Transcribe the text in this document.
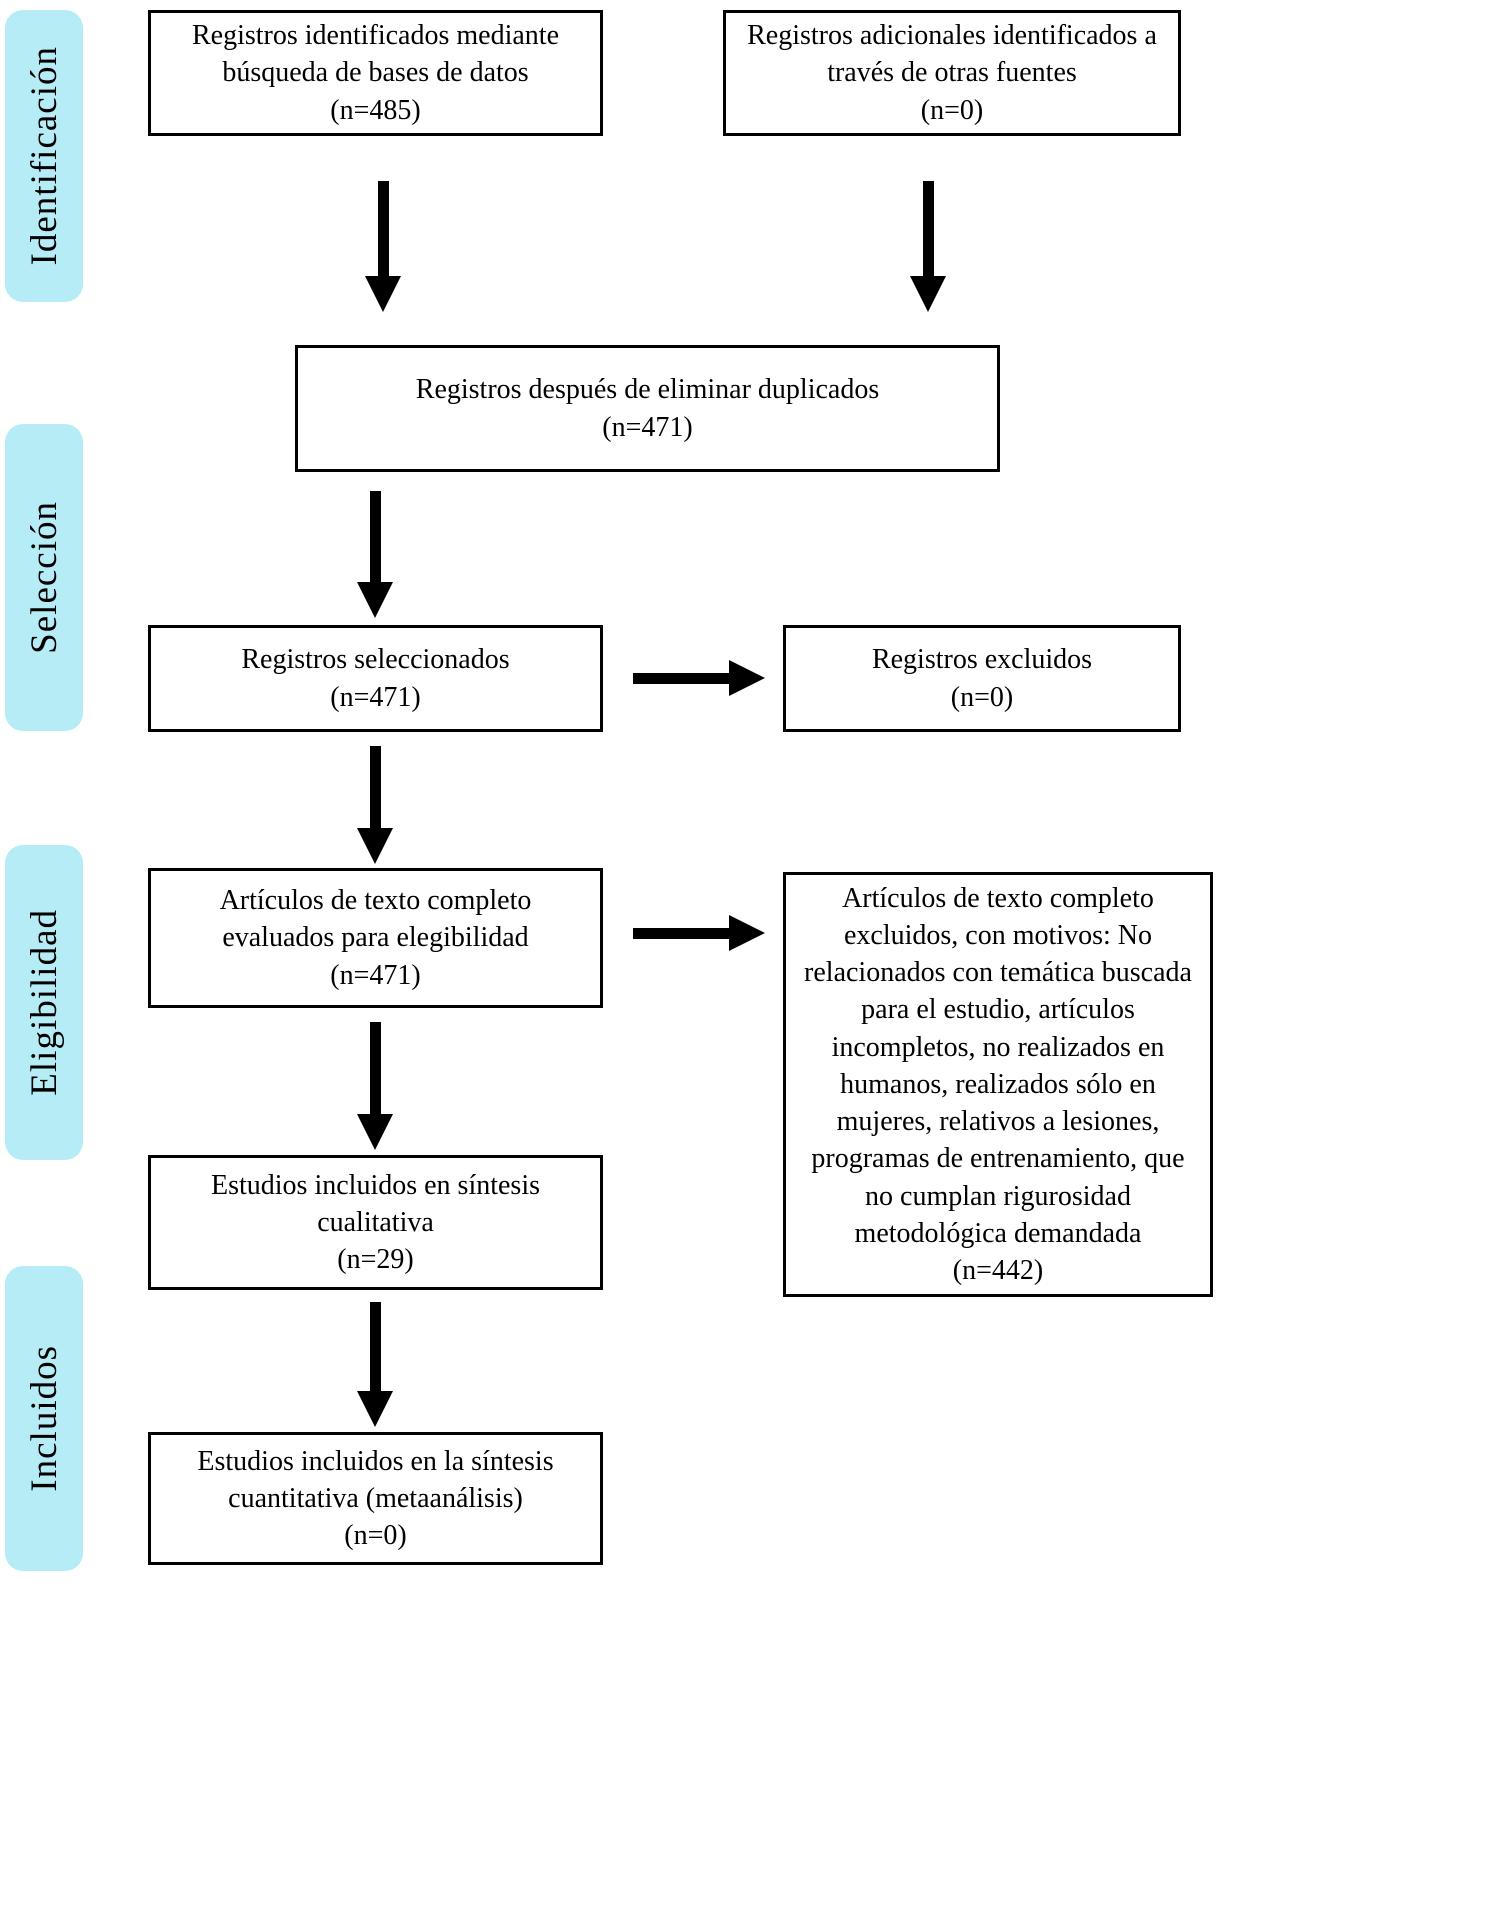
Identificación
Selección
Eligibilidad
Incluidos
Registros identificados mediante búsqueda de bases de datos
(n=485)
Registros adicionales identificados a través de otras fuentes
(n=0)
Registros después de eliminar duplicados
(n=471)
Registros seleccionados
(n=471)
Registros excluidos
(n=0)
Artículos de texto completo evaluados para elegibilidad
(n=471)
Artículos de texto completo excluidos, con motivos: No relacionados con temática buscada para el estudio, artículos incompletos, no realizados en humanos, realizados sólo en mujeres, relativos a lesiones, programas de entrenamiento, que no cumplan rigurosidad metodológica demandada
(n=442)
Estudios incluidos en síntesis cualitativa
(n=29)
Estudios incluidos en la síntesis cuantitativa (metaanálisis)
(n=0)
